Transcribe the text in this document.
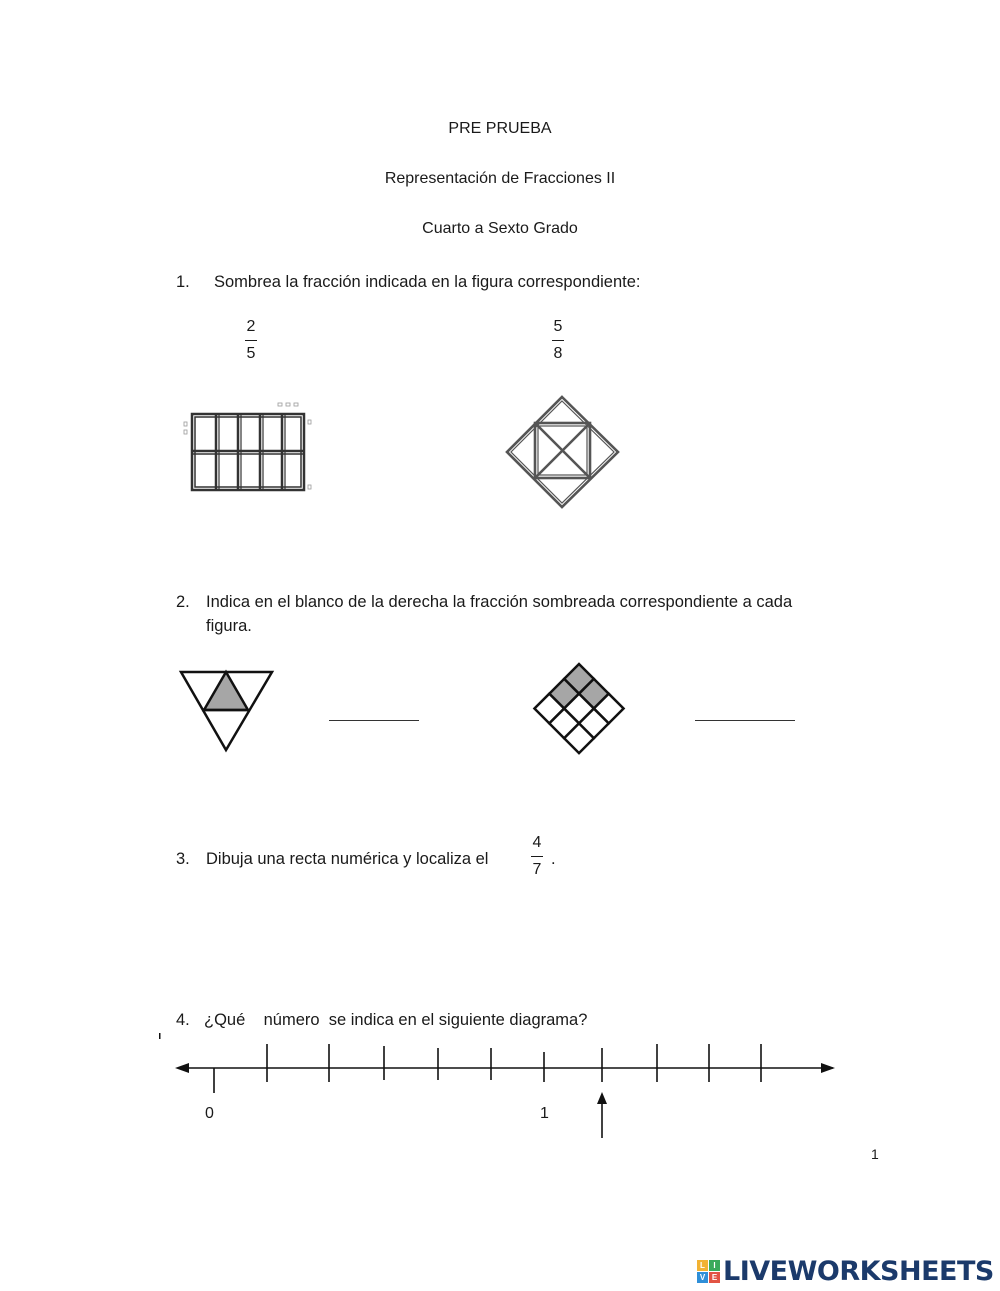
PRE PRUEBA
Representación de Fracciones II
Cuarto a Sexto Grado
1. Sombrea la fracción indicada en la figura correspondiente:
2
5
5
8
2. Indica en el blanco de la derecha la fracción sombreada correspondiente a cada
figura.
3. Dibuja una recta numérica y localiza el	.
4
7
4. ¿Qué    número  se indica en el siguiente diagrama?
0	1
1
L	I
V E LIVEWORKSHEETS
